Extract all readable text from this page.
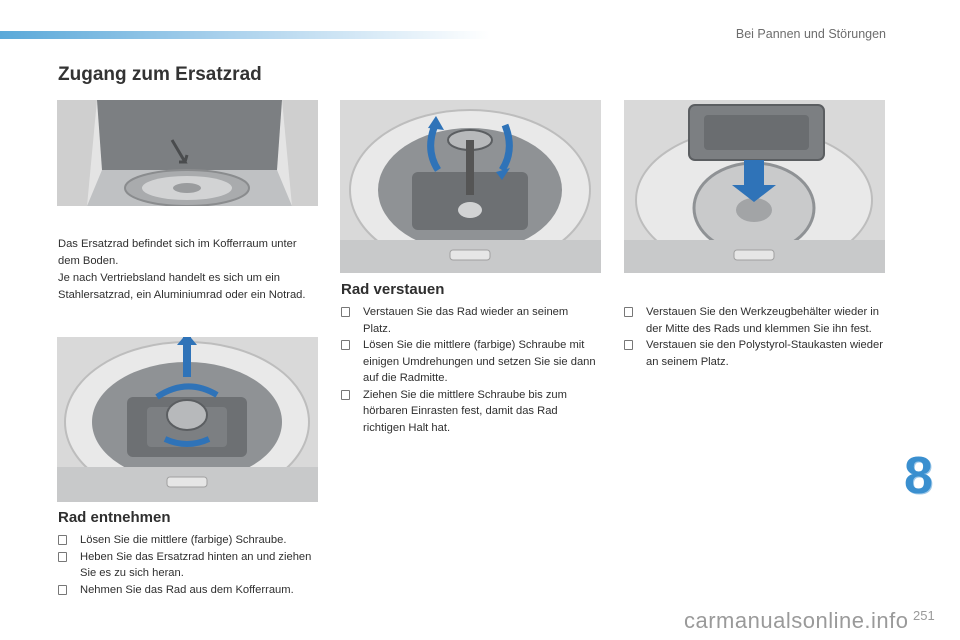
Bei Pannen und Störungen
Zugang zum Ersatzrad

Das Ersatzrad befindet sich im Kofferraum unter dem Boden.

Je nach Vertriebsland handelt es sich um ein Stahlersatzrad, ein Aluminiumrad oder ein Notrad.

Rad entnehmen
Lösen Sie die mittlere (farbige) Schraube.
Heben Sie das Ersatzrad hinten an und ziehen Sie es zu sich heran.
Nehmen Sie das Rad aus dem Kofferraum.
Rad verstauen
Verstauen Sie das Rad wieder an seinem Platz.
Lösen Sie die mittlere (farbige) Schraube mit einigen Umdrehungen und setzen Sie sie dann auf die Radmitte.
Ziehen Sie die mittlere Schraube bis zum hörbaren Einrasten fest, damit das Rad richtigen Halt hat.
Verstauen Sie den Werkzeugbehälter wieder in der Mitte des Rads und klemmen Sie ihn fest.
Verstauen sie den Polystyrol-Staukasten wieder an seinem Platz.
8
carmanualsonline.info 251
